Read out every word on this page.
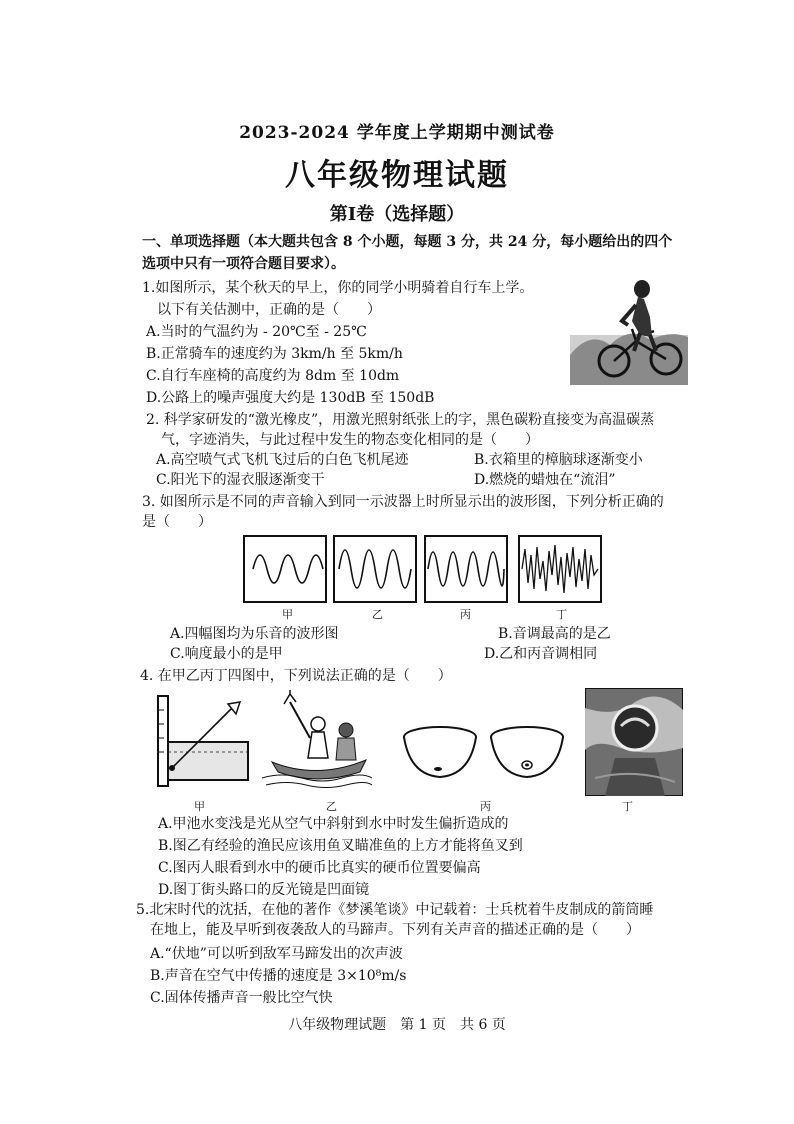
2023-2024 学年度上学期期中测试卷
八年级物理试题
第Ⅰ卷（选择题）
一、单项选择题（本大题共包含 8 个小题，每题 3 分，共 24 分，每小题给出的四个
选项中只有一项符合题目要求）。
1.如图所示，某个秋天的早上，你的同学小明骑着自行车上学。
以下有关估测中，正确的是（　　）
A.当时的气温约为 - 20℃至 - 25℃
B.正常骑车的速度约为 3km/h 至 5km/h
C.自行车座椅的高度约为 8dm 至 10dm
D.公路上的噪声强度大约是 130dB 至 150dB
2. 科学家研发的“激光橡皮”，用激光照射纸张上的字，黑色碳粉直接变为高温碳蒸
气，字迹消失，与此过程中发生的物态变化相同的是（　　）
A.高空喷气式飞机飞过后的白色飞机尾迹	B.衣箱里的樟脑球逐渐变小
C.阳光下的湿衣服逐渐变干	D.燃烧的蜡烛在“流泪”
3. 如图所示是不同的声音输入到同一示波器上时所显示出的波形图，下列分析正确的
是（　　）
甲	乙	丙	丁
A.四幅图均为乐音的波形图	B.音调最高的是乙
C.响度最小的是甲	D.乙和丙音调相同
4. 在甲乙丙丁四图中，下列说法正确的是（　　）
甲	乙	丙	丁
A.甲池水变浅是光从空气中斜射到水中时发生偏折造成的
B.图乙有经验的渔民应该用鱼叉瞄准鱼的上方才能将鱼叉到
C.图丙人眼看到水中的硬币比真实的硬币位置要偏高
D.图丁街头路口的反光镜是凹面镜
5.北宋时代的沈括，在他的著作《梦溪笔谈》中记载着：士兵枕着牛皮制成的箭筒睡
在地上，能及早听到夜袭敌人的马蹄声。下列有关声音的描述正确的是（　　）
A.“伏地”可以听到敌军马蹄发出的次声波
B.声音在空气中传播的速度是 3×10⁸m/s
C.固体传播声音一般比空气快
八年级物理试题　第 1 页　共 6 页
